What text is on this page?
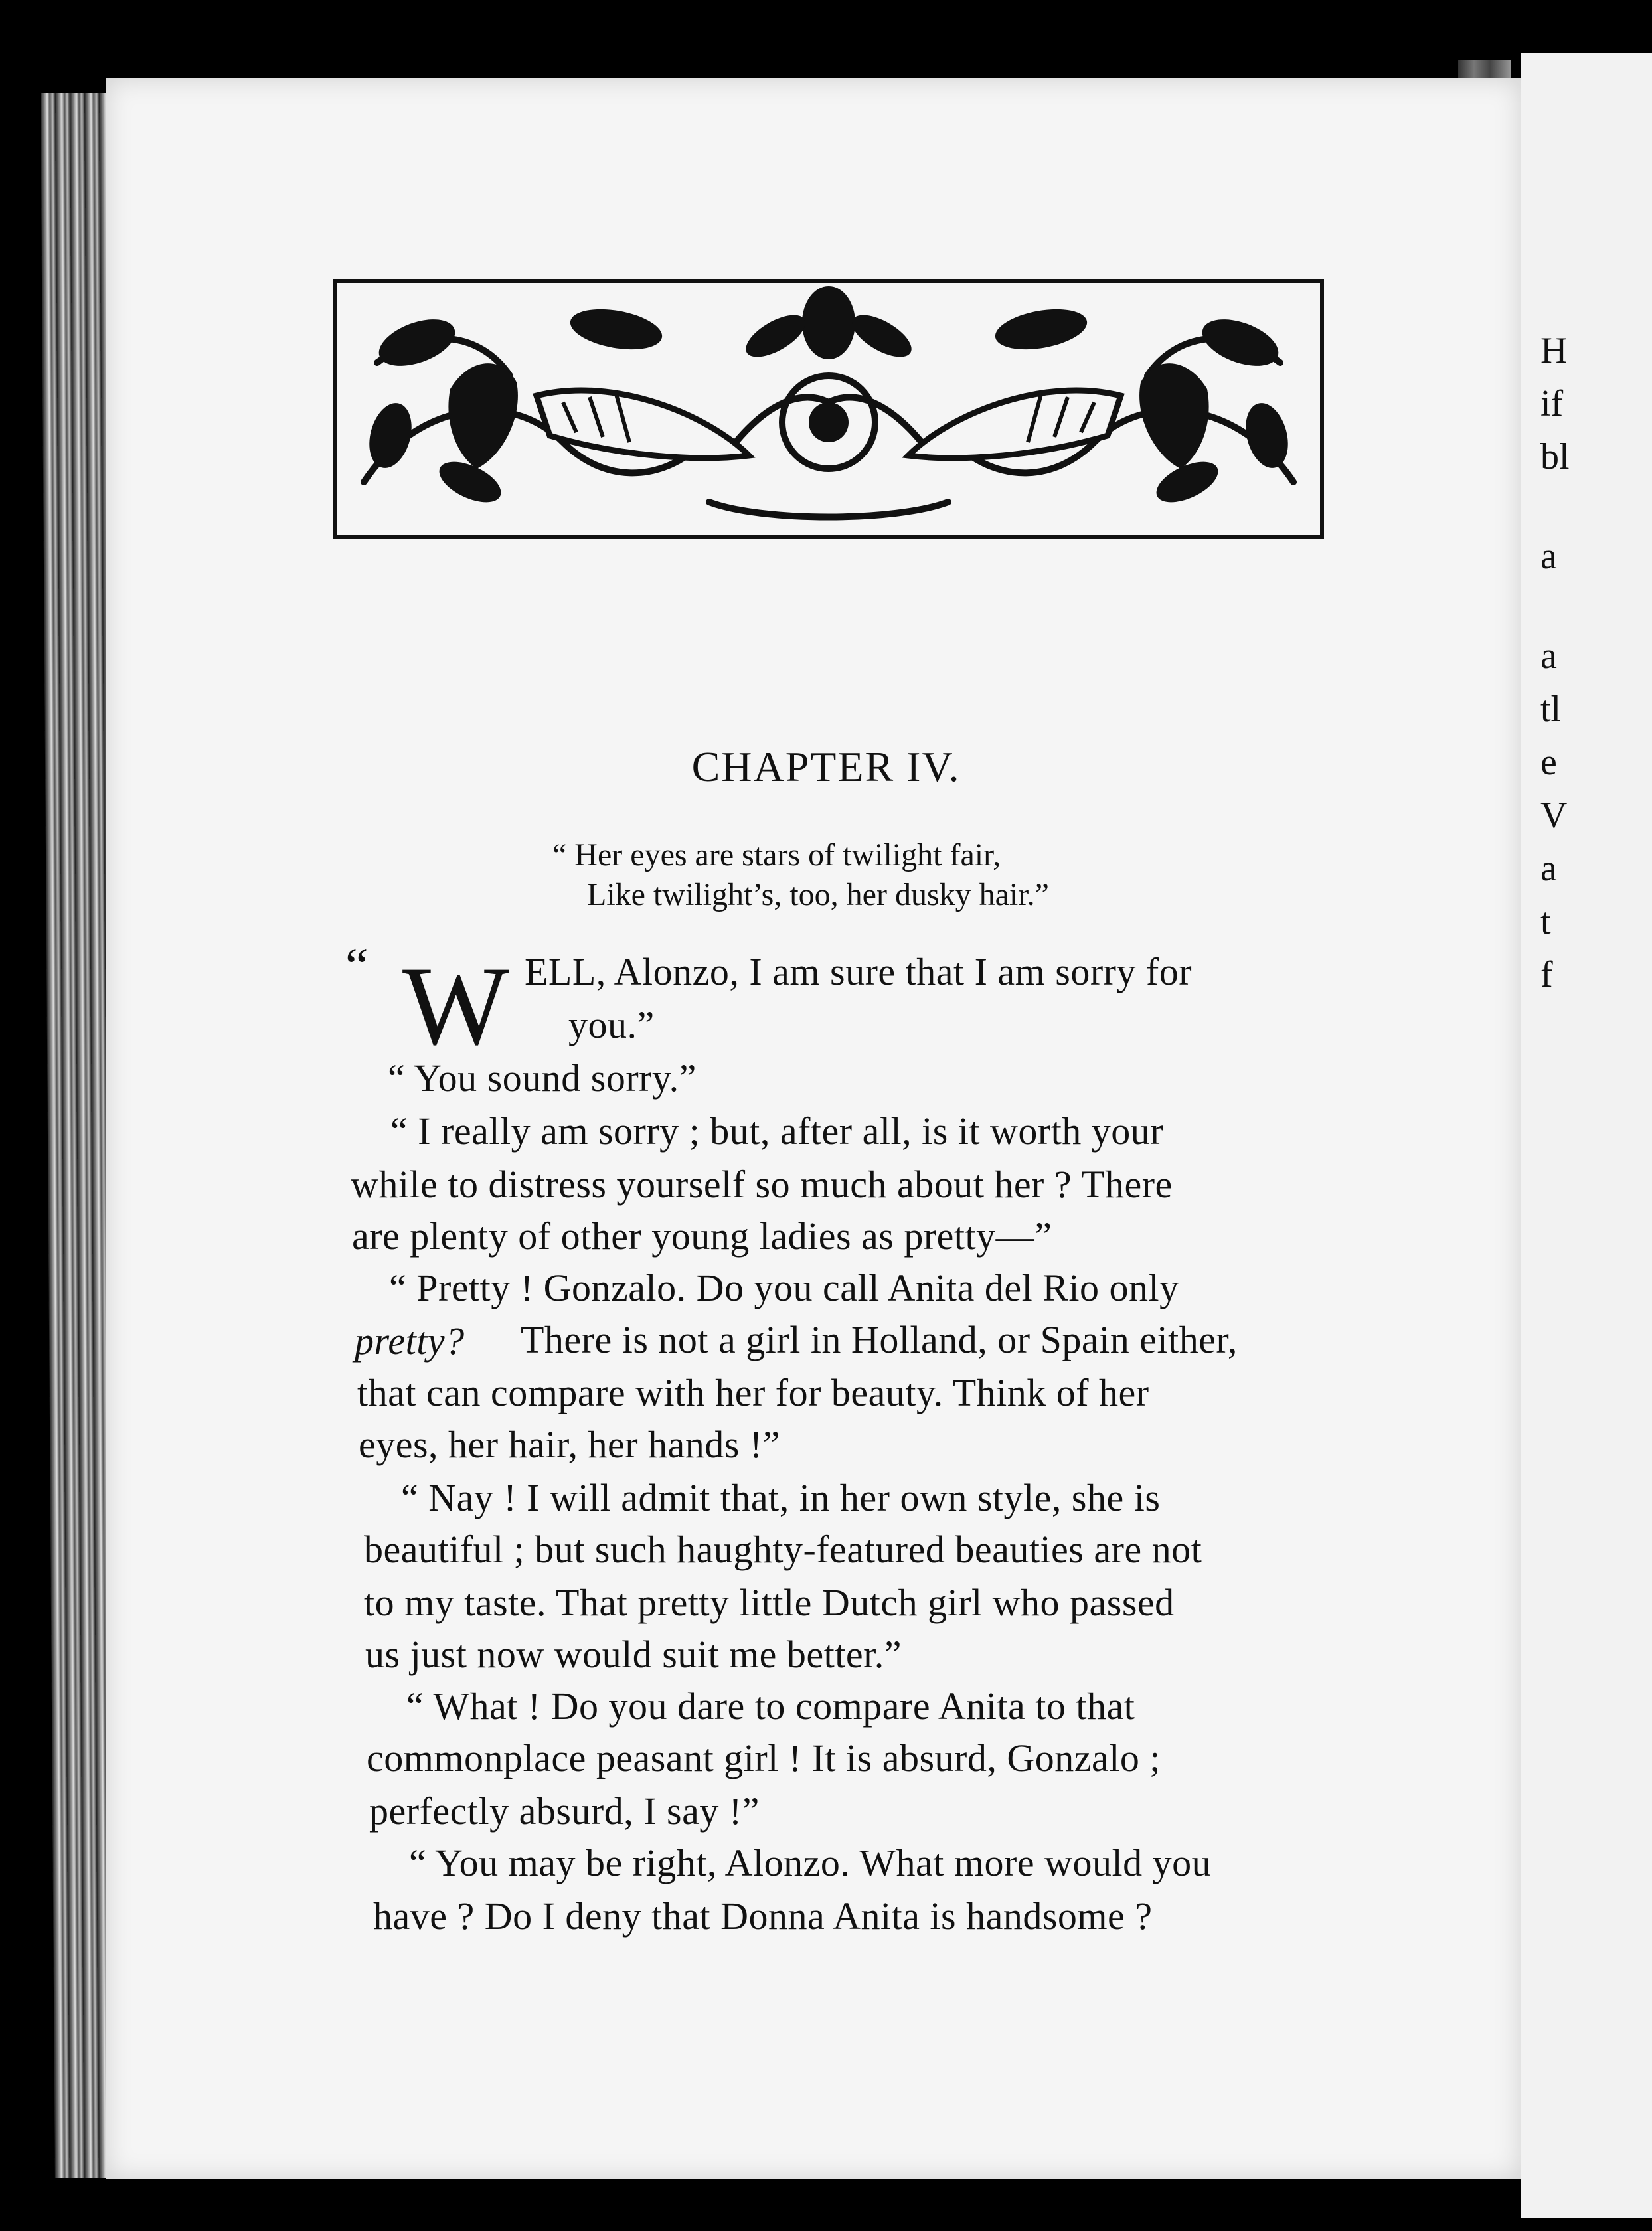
H
if
bl
a
a
tl
e
V
a
t
f
CHAPTER IV.
“ Her eyes are stars of twilight fair,
Like twilight’s, too, her dusky hair.”
“ W ELL, Alonzo, I am sure that I am sorry for
you.”
“ You sound sorry.”
“ I really am sorry ; but, after all, is it worth your
while to distress yourself so much about her ? There
are plenty of other young ladies as pretty—”
“ Pretty ! Gonzalo. Do you call Anita del Rio only
pretty? There is not a girl in Holland, or Spain either,
that can compare with her for beauty. Think of her
eyes, her hair, her hands !”
“ Nay ! I will admit that, in her own style, she is
beautiful ; but such haughty-featured beauties are not
to my taste. That pretty little Dutch girl who passed
us just now would suit me better.”
“ What ! Do you dare to compare Anita to that
commonplace peasant girl ! It is absurd, Gonzalo ;
perfectly absurd, I say !”
“ You may be right, Alonzo. What more would you
have ? Do I deny that Donna Anita is handsome ?
